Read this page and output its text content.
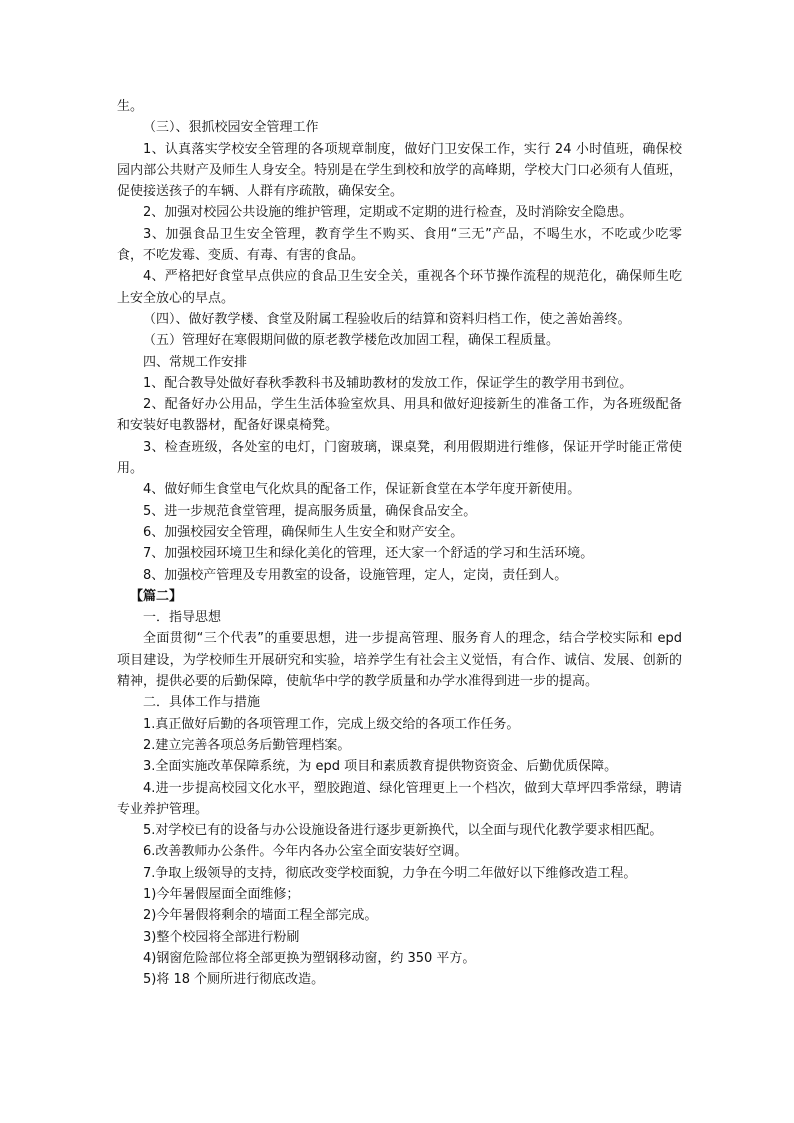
生。

（三）、狠抓校园安全管理工作

1、认真落实学校安全管理的各项规章制度，做好门卫安保工作，实行 24 小时值班，确保校园内部公共财产及师生人身安全。特别是在学生到校和放学的高峰期，学校大门口必须有人值班，促使接送孩子的车辆、人群有序疏散，确保安全。

2、加强对校园公共设施的维护管理，定期或不定期的进行检查，及时消除安全隐患。

3、加强食品卫生安全管理，教育学生不购买、食用“三无”产品，不喝生水，不吃或少吃零食，不吃发霉、变质、有毒、有害的食品。

4、严格把好食堂早点供应的食品卫生安全关，重视各个环节操作流程的规范化，确保师生吃上安全放心的早点。

（四）、做好教学楼、食堂及附属工程验收后的结算和资料归档工作，使之善始善终。

（五）管理好在寒假期间做的原老教学楼危改加固工程，确保工程质量。

四、常规工作安排

1、配合教导处做好春秋季教科书及辅助教材的发放工作，保证学生的教学用书到位。

2、配备好办公用品，学生生活体验室炊具、用具和做好迎接新生的准备工作，为各班级配备和安装好电教器材，配备好课桌椅凳。

3、检查班级，各处室的电灯，门窗玻璃，课桌凳，利用假期进行维修，保证开学时能正常使用。

4、做好师生食堂电气化炊具的配备工作，保证新食堂在本学年度开新使用。

5、进一步规范食堂管理，提高服务质量，确保食品安全。

6、加强校园安全管理，确保师生人生安全和财产安全。

7、加强校园环境卫生和绿化美化的管理，还大家一个舒适的学习和生活环境。

8、加强校产管理及专用教室的设备，设施管理，定人，定岗，责任到人。

【篇二】

一．指导思想

全面贯彻“三个代表”的重要思想，进一步提高管理、服务育人的理念，结合学校实际和 epd 项目建设，为学校师生开展研究和实验，培养学生有社会主义觉悟，有合作、诚信、发展、创新的精神，提供必要的后勤保障，使航华中学的教学质量和办学水准得到进一步的提高。

二．具体工作与措施

1.真正做好后勤的各项管理工作，完成上级交给的各项工作任务。

2.建立完善各项总务后勤管理档案。

3.全面实施改革保障系统，为 epd 项目和素质教育提供物资资金、后勤优质保障。

4.进一步提高校园文化水平，塑胶跑道、绿化管理更上一个档次，做到大草坪四季常绿，聘请专业养护管理。

5.对学校已有的设备与办公设施设备进行逐步更新换代，以全面与现代化教学要求相匹配。

6.改善教师办公条件。今年内各办公室全面安装好空调。

7.争取上级领导的支持，彻底改变学校面貌，力争在今明二年做好以下维修改造工程。

1)今年暑假屋面全面维修；

2)今年暑假将剩余的墙面工程全部完成。

3)整个校园将全部进行粉刷

4)钢窗危险部位将全部更换为塑钢移动窗，约 350 平方。

5)将 18 个厕所进行彻底改造。
